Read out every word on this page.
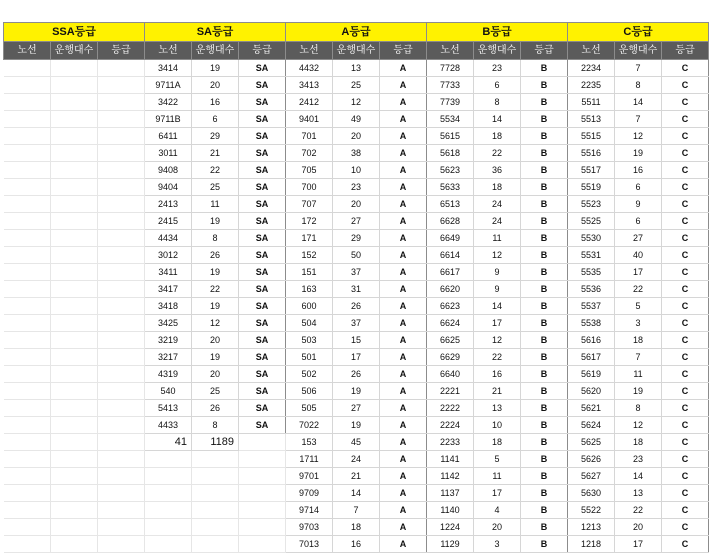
SSA등급			SA등급			A등급			B등급			C등급		
노선	운행대수	등급	노선	운행대수	등급	노선	운행대수	등급	노선	운행대수	등급	노선	운행대수	등급
			3414	19	SA	4432	13	A	7728	23	B	2234	7	C
			9711A	20	SA	3413	25	A	7733	6	B	2235	8	C
			3422	16	SA	2412	12	A	7739	8	B	5511	14	C
			9711B	6	SA	9401	49	A	5534	14	B	5513	7	C
			6411	29	SA	701	20	A	5615	18	B	5515	12	C
			3011	21	SA	702	38	A	5618	22	B	5516	19	C
			9408	22	SA	705	10	A	5623	36	B	5517	16	C
			9404	25	SA	700	23	A	5633	18	B	5519	6	C
			2413	11	SA	707	20	A	6513	24	B	5523	9	C
			2415	19	SA	172	27	A	6628	24	B	5525	6	C
			4434	8	SA	171	29	A	6649	11	B	5530	27	C
			3012	26	SA	152	50	A	6614	12	B	5531	40	C
			3411	19	SA	151	37	A	6617	9	B	5535	17	C
			3417	22	SA	163	31	A	6620	9	B	5536	22	C
			3418	19	SA	600	26	A	6623	14	B	5537	5	C
			3425	12	SA	504	37	A	6624	17	B	5538	3	C
			3219	20	SA	503	15	A	6625	12	B	5616	18	C
			3217	19	SA	501	17	A	6629	22	B	5617	7	C
			4319	20	SA	502	26	A	6640	16	B	5619	11	C
			540	25	SA	506	19	A	2221	21	B	5620	19	C
			5413	26	SA	505	27	A	2222	13	B	5621	8	C
			4433	8	SA	7022	19	A	2224	10	B	5624	12	C
			41	1189		153	45	A	2233	18	B	5625	18	C
						1711	24	A	1141	5	B	5626	23	C
						9701	21	A	1142	11	B	5627	14	C
						9709	14	A	1137	17	B	5630	13	C
						9714	7	A	1140	4	B	5522	22	C
						9703	18	A	1224	20	B	1213	20	C
						7013	16	A	1129	3	B	1218	17	C
